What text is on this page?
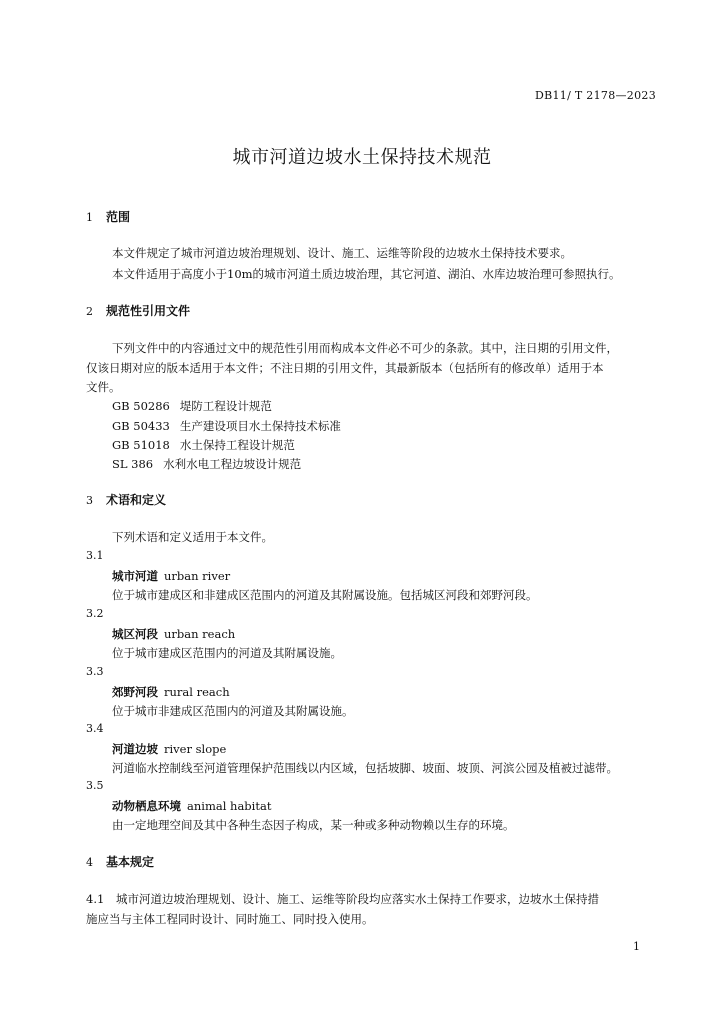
DB11/ T 2178—2023
城市河道边坡水土保持技术规范
1 范围
本文件规定了城市河道边坡治理规划、设计、施工、运维等阶段的边坡水土保持技术要求。
本文件适用于高度小于10m的城市河道土质边坡治理，其它河道、湖泊、水库边坡治理可参照执行。
2 规范性引用文件
下列文件中的内容通过文中的规范性引用而构成本文件必不可少的条款。其中，注日期的引用文件，
仅该日期对应的版本适用于本文件；不注日期的引用文件，其最新版本（包括所有的修改单）适用于本
文件。
GB 50286 堤防工程设计规范
GB 50433 生产建设项目水土保持技术标准
GB 51018 水土保持工程设计规范
SL 386 水利水电工程边坡设计规范
3 术语和定义
下列术语和定义适用于本文件。
3.1
城市河道 urban river
位于城市建成区和非建成区范围内的河道及其附属设施。包括城区河段和郊野河段。
3.2
城区河段 urban reach
位于城市建成区范围内的河道及其附属设施。
3.3
郊野河段 rural reach
位于城市非建成区范围内的河道及其附属设施。
3.4
河道边坡 river slope
河道临水控制线至河道管理保护范围线以内区域，包括坡脚、坡面、坡顶、河滨公园及植被过滤带。
3.5
动物栖息环境 animal habitat
由一定地理空间及其中各种生态因子构成，某一种或多种动物赖以生存的环境。
4 基本规定
4.1 城市河道边坡治理规划、设计、施工、运维等阶段均应落实水土保持工作要求，边坡水土保持措
施应当与主体工程同时设计、同时施工、同时投入使用。
1
